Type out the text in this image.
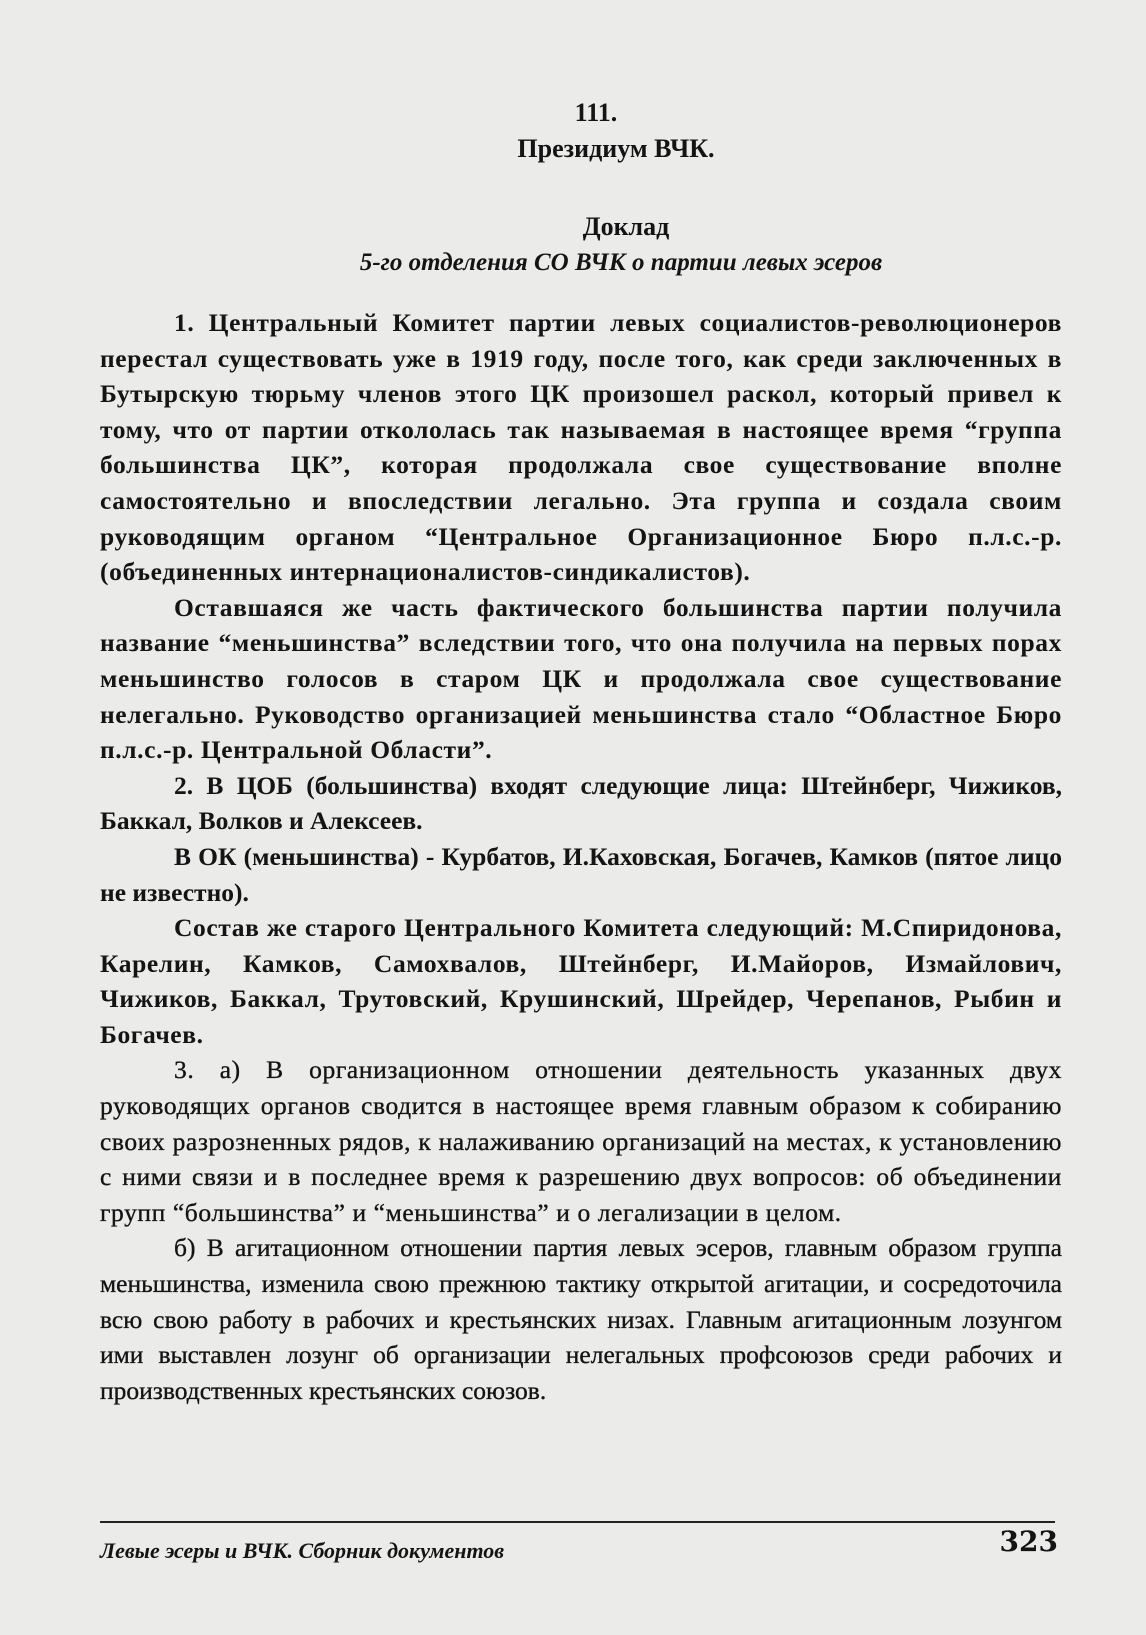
111.
Президиум ВЧК.
Доклад
5-го отделения СО ВЧК о партии левых эсеров

1. Центральный Комитет партии левых социалистов-революционеров перестал существовать уже в 1919 году, после того, как среди заключенных в Бутырскую тюрьму членов этого ЦК произошел раскол, который привел к тому, что от партии откололась так называемая в настоящее время “группа большинства ЦК”, которая продолжала свое существование вполне самостоятельно и впоследствии легально. Эта группа и создала своим руководящим органом “Центральное Организационное Бюро п.л.с.-р. (объединенных интернационалистов-синдикалистов).

Оставшаяся же часть фактического большинства партии получила название “меньшинства” вследствии того, что она получила на первых порах меньшинство голосов в старом ЦК и продолжала свое существование нелегально. Руководство организацией меньшинства стало “Областное Бюро п.л.с.-р. Центральной Области”.

2. В ЦОБ (большинства) входят следующие лица: Штейнберг, Чижиков, Баккал, Волков и Алексеев.

В ОК (меньшинства) - Курбатов, И.Каховская, Богачев, Камков (пятое лицо не известно).

Состав же старого Центрального Комитета следующий: М.Спиридонова, Карелин, Камков, Самохвалов, Штейнберг, И.Майоров, Измайлович, Чижиков, Баккал, Трутовский, Крушинский, Шрейдер, Черепанов, Рыбин и Богачев.

3. а) В организационном отношении деятельность указанных двух руководящих органов сводится в настоящее время главным образом к собиранию своих разрозненных рядов, к налаживанию организаций на местах, к установлению с ними связи и в последнее время к разрешению двух вопросов: об объединении групп “большинства” и “меньшинства” и о легализации в целом.

б) В агитационном отношении партия левых эсеров, главным образом группа меньшинства, изменила свою прежнюю тактику открытой агитации, и сосредоточила всю свою работу в рабочих и крестьянских низах. Главным агитационным лозунгом ими выставлен лозунг об организации нелегальных профсоюзов среди рабочих и производственных крестьянских союзов.

323
Левые эсеры и ВЧК. Сборник документов
